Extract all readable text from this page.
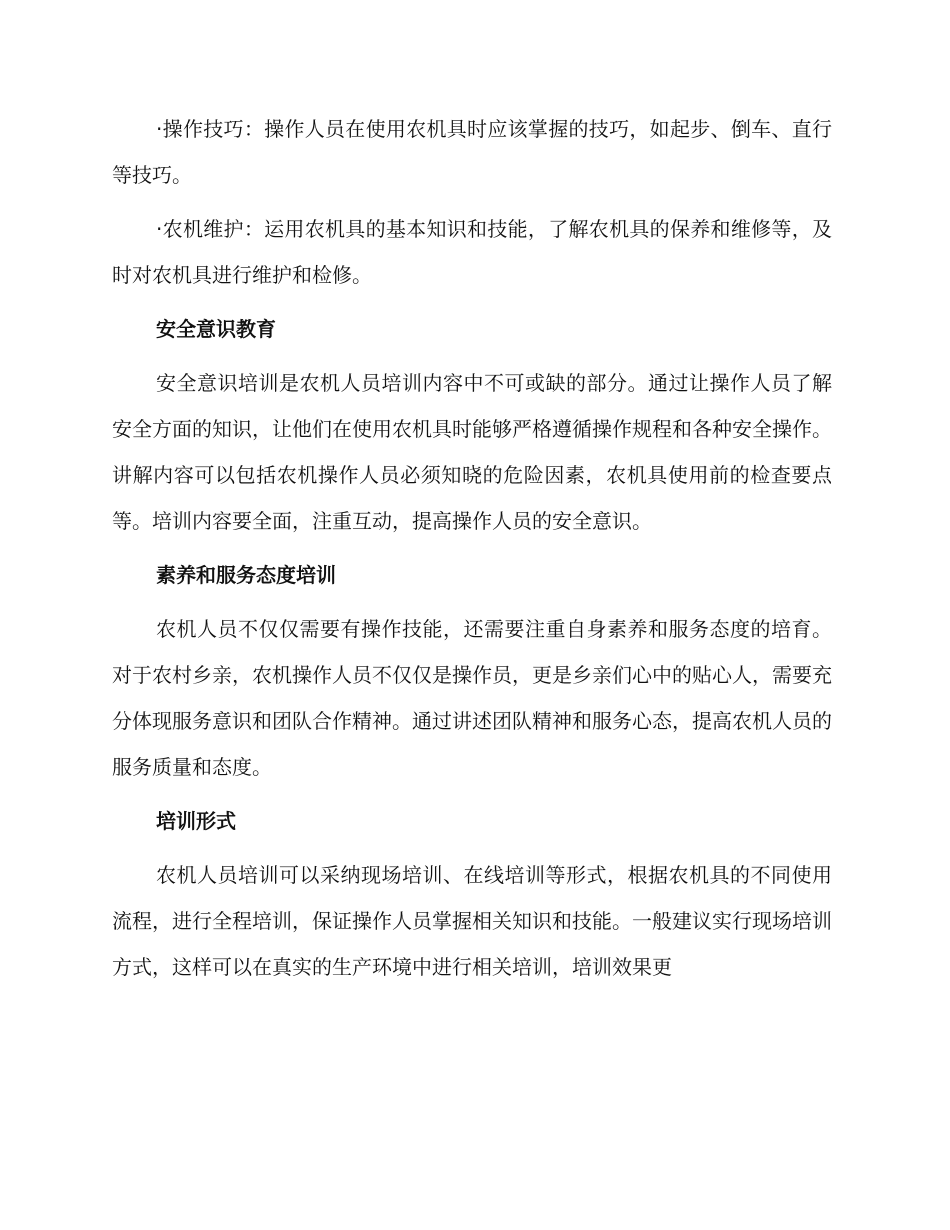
·操作技巧：操作人员在使用农机具时应该掌握的技巧，如起步、倒车、直行等技巧。

·农机维护：运用农机具的基本知识和技能，了解农机具的保养和维修等，及时对农机具进行维护和检修。

安全意识教育

安全意识培训是农机人员培训内容中不可或缺的部分。通过让操作人员了解安全方面的知识，让他们在使用农机具时能够严格遵循操作规程和各种安全操作。讲解内容可以包括农机操作人员必须知晓的危险因素，农机具使用前的检查要点等。培训内容要全面，注重互动，提高操作人员的安全意识。

素养和服务态度培训

农机人员不仅仅需要有操作技能，还需要注重自身素养和服务态度的培育。对于农村乡亲，农机操作人员不仅仅是操作员，更是乡亲们心中的贴心人，需要充分体现服务意识和团队合作精神。通过讲述团队精神和服务心态，提高农机人员的服务质量和态度。

培训形式

农机人员培训可以采纳现场培训、在线培训等形式，根据农机具的不同使用流程，进行全程培训，保证操作人员掌握相关知识和技能。一般建议实行现场培训方式，这样可以在真实的生产环境中进行相关培训，培训效果更
